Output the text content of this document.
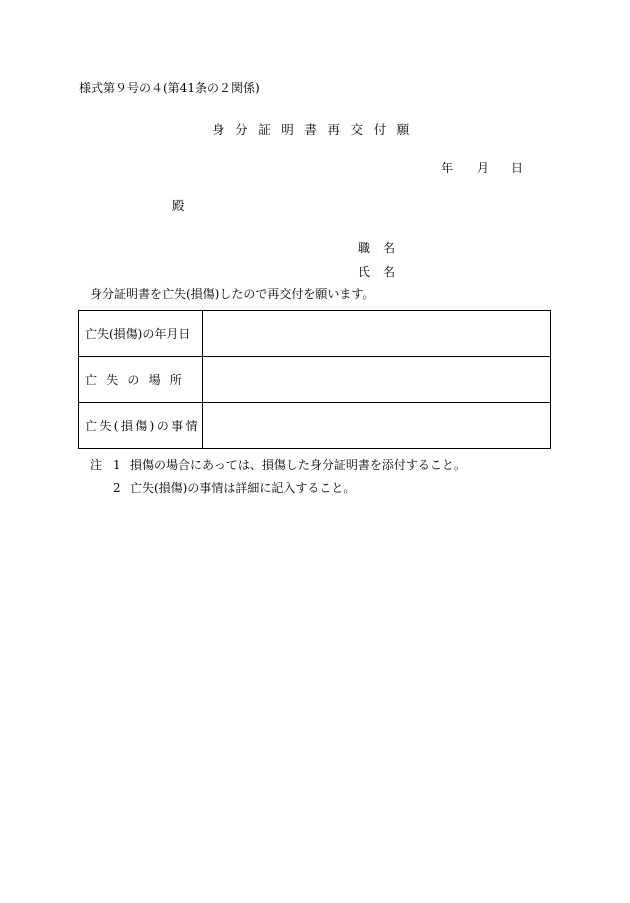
様式第９号の４(第41条の２関係)
身分証明書再交付願
年 月 日
殿
職名
氏名
身分証明書を亡失(損傷)したので再交付を願います。
亡失(損傷)の年月日	
亡失の場所	
亡失(損傷)の事情	
注 1 損傷の場合にあっては、損傷した身分証明書を添付すること。
2 亡失(損傷)の事情は詳細に記入すること。
